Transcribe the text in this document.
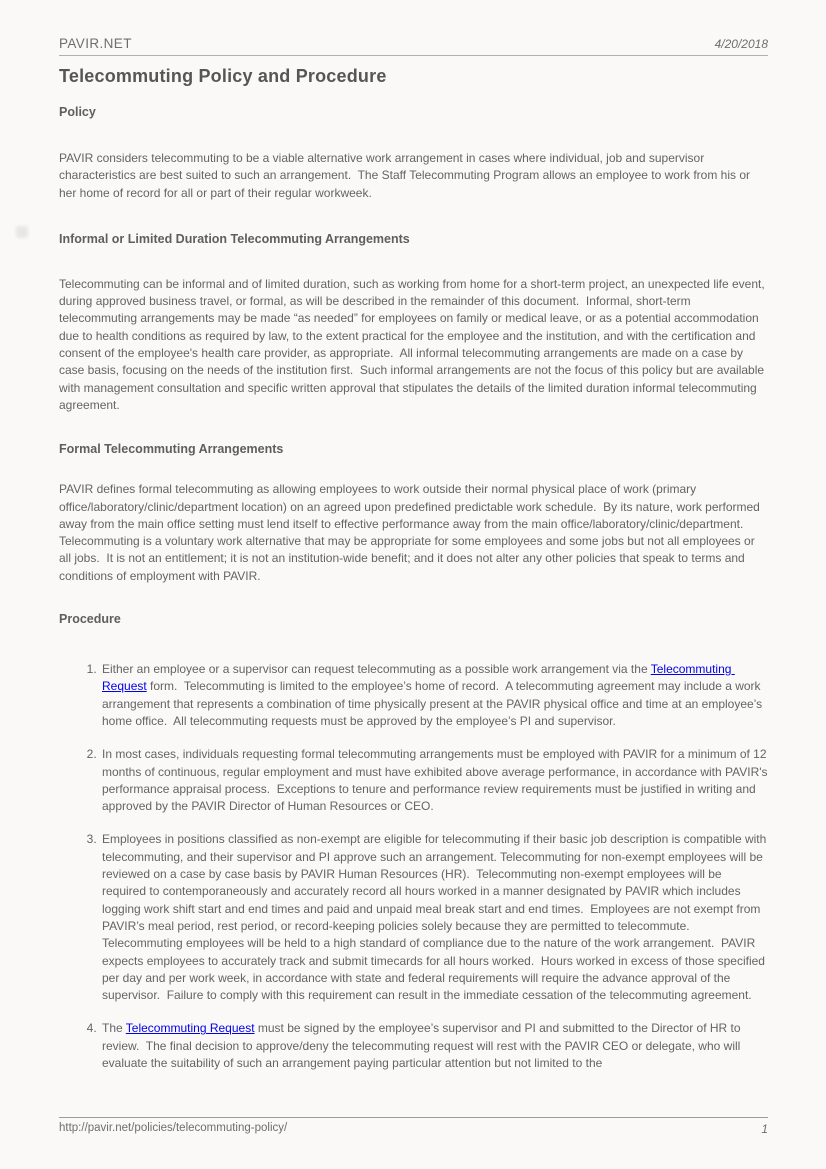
PAVIR.NET	4/20/2018
Telecommuting Policy and Procedure
Policy

PAVIR considers telecommuting to be a viable alternative work arrangement in cases where individual, job and supervisor characteristics are best suited to such an arrangement.  The Staff Telecommuting Program allows an employee to work from his or her home of record for all or part of their regular workweek.

Informal or Limited Duration Telecommuting Arrangements

Telecommuting can be informal and of limited duration, such as working from home for a short-term project, an unexpected life event, during approved business travel, or formal, as will be described in the remainder of this document.  Informal, short-term telecommuting arrangements may be made “as needed” for employees on family or medical leave, or as a potential accommodation due to health conditions as required by law, to the extent practical for the employee and the institution, and with the certification and consent of the employee's health care provider, as appropriate.  All informal telecommuting arrangements are made on a case by case basis, focusing on the needs of the institution first.  Such informal arrangements are not the focus of this policy but are available with management consultation and specific written approval that stipulates the details of the limited duration informal telecommuting agreement.

Formal Telecommuting Arrangements

PAVIR defines formal telecommuting as allowing employees to work outside their normal physical place of work (primary office/laboratory/clinic/department location) on an agreed upon predefined predictable work schedule.  By its nature, work performed away from the main office setting must lend itself to effective performance away from the main office/laboratory/clinic/department. Telecommuting is a voluntary work alternative that may be appropriate for some employees and some jobs but not all employees or all jobs.  It is not an entitlement; it is not an institution-wide benefit; and it does not alter any other policies that speak to terms and conditions of employment with PAVIR.

Procedure
1. Either an employee or a supervisor can request telecommuting as a possible work arrangement via the Telecommuting Request form.  Telecommuting is limited to the employee’s home of record.  A telecommuting agreement may include a work arrangement that represents a combination of time physically present at the PAVIR physical office and time at an employee’s home office.  All telecommuting requests must be approved by the employee’s PI and supervisor.
2. In most cases, individuals requesting formal telecommuting arrangements must be employed with PAVIR for a minimum of 12 months of continuous, regular employment and must have exhibited above average performance, in accordance with PAVIR's performance appraisal process.  Exceptions to tenure and performance review requirements must be justified in writing and approved by the PAVIR Director of Human Resources or CEO.
3. Employees in positions classified as non-exempt are eligible for telecommuting if their basic job description is compatible with telecommuting, and their supervisor and PI approve such an arrangement. Telecommuting for non-exempt employees will be reviewed on a case by case basis by PAVIR Human Resources (HR).  Telecommuting non-exempt employees will be required to contemporaneously and accurately record all hours worked in a manner designated by PAVIR which includes logging work shift start and end times and paid and unpaid meal break start and end times.  Employees are not exempt from PAVIR’s meal period, rest period, or record-keeping policies solely because they are permitted to telecommute. Telecommuting employees will be held to a high standard of compliance due to the nature of the work arrangement.  PAVIR expects employees to accurately track and submit timecards for all hours worked.  Hours worked in excess of those specified per day and per work week, in accordance with state and federal requirements will require the advance approval of the supervisor.  Failure to comply with this requirement can result in the immediate cessation of the telecommuting agreement.
4. The Telecommuting Request must be signed by the employee’s supervisor and PI and submitted to the Director of HR to review.  The final decision to approve/deny the telecommuting request will rest with the PAVIR CEO or delegate, who will evaluate the suitability of such an arrangement paying particular attention but not limited to the
http://pavir.net/policies/telecommuting-policy/	1
